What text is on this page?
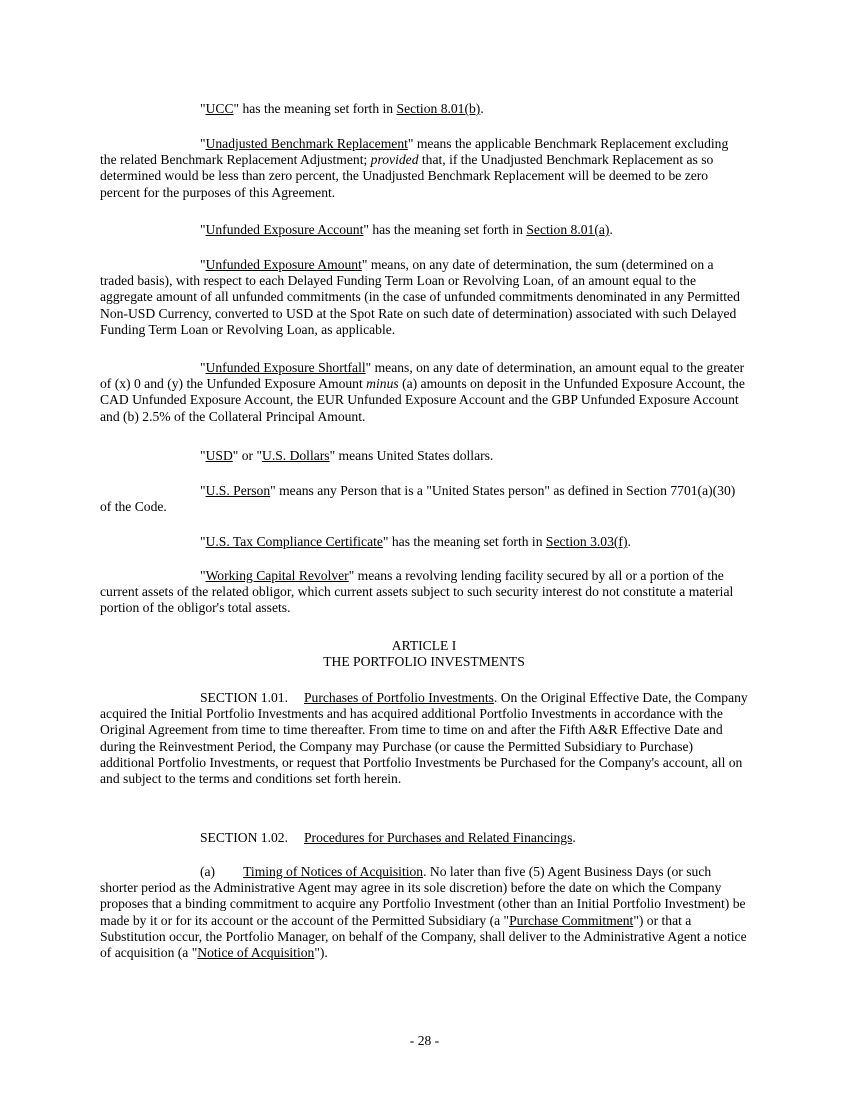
"UCC" has the meaning set forth in Section 8.01(b).

"Unadjusted Benchmark Replacement" means the applicable Benchmark Replacement excluding the related Benchmark Replacement Adjustment; provided that, if the Unadjusted Benchmark Replacement as so determined would be less than zero percent, the Unadjusted Benchmark Replacement will be deemed to be zero percent for the purposes of this Agreement.

"Unfunded Exposure Account" has the meaning set forth in Section 8.01(a).

"Unfunded Exposure Amount" means, on any date of determination, the sum (determined on a traded basis), with respect to each Delayed Funding Term Loan or Revolving Loan, of an amount equal to the aggregate amount of all unfunded commitments (in the case of unfunded commitments denominated in any Permitted Non-USD Currency, converted to USD at the Spot Rate on such date of determination) associated with such Delayed Funding Term Loan or Revolving Loan, as applicable.

"Unfunded Exposure Shortfall" means, on any date of determination, an amount equal to the greater of (x) 0 and (y) the Unfunded Exposure Amount minus (a) amounts on deposit in the Unfunded Exposure Account, the CAD Unfunded Exposure Account, the EUR Unfunded Exposure Account and the GBP Unfunded Exposure Account and (b) 2.5% of the Collateral Principal Amount.

"USD" or "U.S. Dollars" means United States dollars.

"U.S. Person" means any Person that is a "United States person" as defined in Section 7701(a)(30) of the Code.

"U.S. Tax Compliance Certificate" has the meaning set forth in Section 3.03(f).

"Working Capital Revolver" means a revolving lending facility secured by all or a portion of the current assets of the related obligor, which current assets subject to such security interest do not constitute a material portion of the obligor's total assets.

ARTICLE I
THE PORTFOLIO INVESTMENTS

SECTION 1.01. Purchases of Portfolio Investments. On the Original Effective Date, the Company acquired the Initial Portfolio Investments and has acquired additional Portfolio Investments in accordance with the Original Agreement from time to time thereafter. From time to time on and after the Fifth A&R Effective Date and during the Reinvestment Period, the Company may Purchase (or cause the Permitted Subsidiary to Purchase) additional Portfolio Investments, or request that Portfolio Investments be Purchased for the Company's account, all on and subject to the terms and conditions set forth herein.

SECTION 1.02. Procedures for Purchases and Related Financings.

(a) Timing of Notices of Acquisition. No later than five (5) Agent Business Days (or such shorter period as the Administrative Agent may agree in its sole discretion) before the date on which the Company proposes that a binding commitment to acquire any Portfolio Investment (other than an Initial Portfolio Investment) be made by it or for its account or the account of the Permitted Subsidiary (a "Purchase Commitment") or that a Substitution occur, the Portfolio Manager, on behalf of the Company, shall deliver to the Administrative Agent a notice of acquisition (a "Notice of Acquisition").

- 28 -
